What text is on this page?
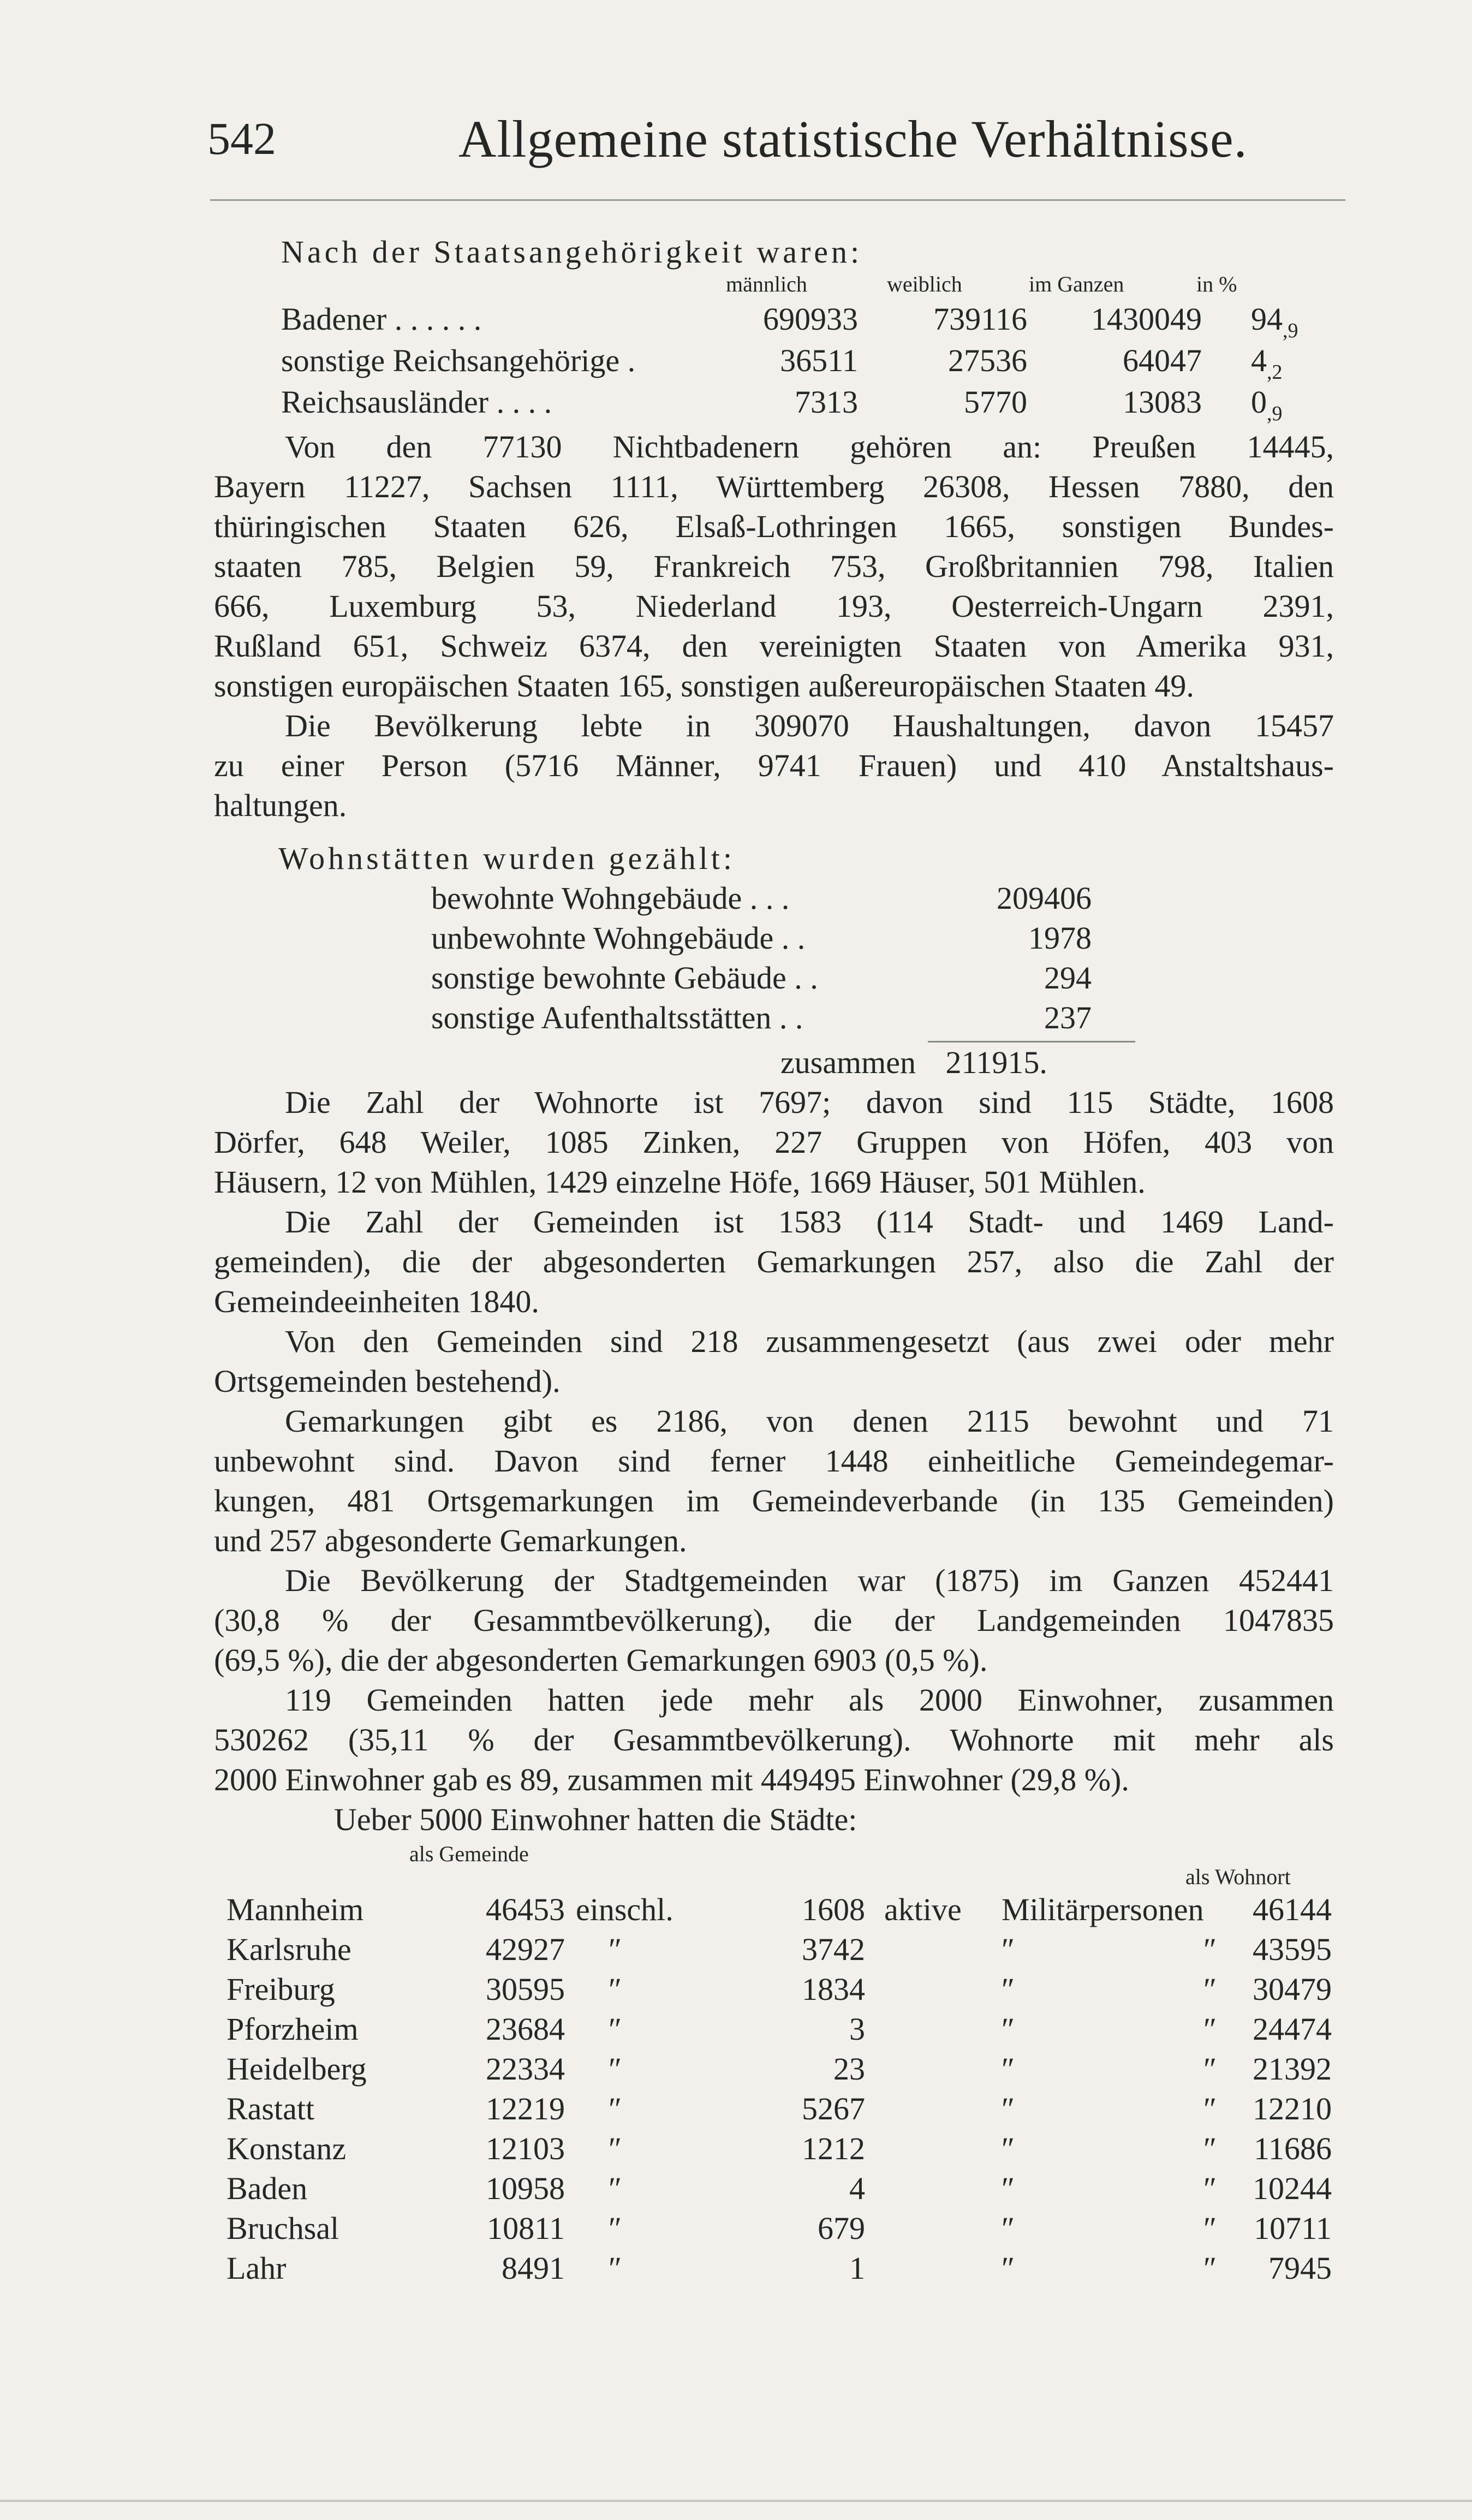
542	Allgemeine statistische Verhältnisse.
Nach der Staatsangehörigkeit waren:
männlich	weiblich	im Ganzen	in %
Badener . . . . . .	690933 739116 1430049 $94_{,9}$
sonstige Reichsangehörige .	36511	27536	64047 $4_{,2}$
Reichsausländer . . . .	7313	5770	13083 $0_{,9}$
Von den 77130 Nichtbadenern gehören an: Preußen 14445,
Bayern 11227, Sachsen 1111, Württemberg 26308, Hessen 7880, den
thüringischen Staaten 626, Elsaß-Lothringen 1665, sonstigen Bundes-
staaten 785, Belgien 59, Frankreich 753, Großbritannien 798, Italien
666, Luxemburg 53, Niederland 193, Oesterreich-Ungarn 2391,
Rußland 651, Schweiz 6374, den vereinigten Staaten von Amerika 931,
sonstigen europäischen Staaten 165, sonstigen außereuropäischen Staaten 49.
Die Bevölkerung lebte in 309070 Haushaltungen, davon 15457
zu einer Person (5716 Männer, 9741 Frauen) und 410 Anstaltshaus-
haltungen.
Wohnstätten wurden gezählt:
bewohnte Wohngebäude . . .	209406
unbewohnte Wohngebäude . .	1978
sonstige bewohnte Gebäude . .	294
sonstige Aufenthaltsstätten . .	237
zusammen 211915.
Die Zahl der Wohnorte ist 7697; davon sind 115 Städte, 1608
Dörfer, 648 Weiler, 1085 Zinken, 227 Gruppen von Höfen, 403 von
Häusern, 12 von Mühlen, 1429 einzelne Höfe, 1669 Häuser, 501 Mühlen.
Die Zahl der Gemeinden ist 1583 (114 Stadt- und 1469 Land-
gemeinden), die der abgesonderten Gemarkungen 257, also die Zahl der
Gemeindeeinheiten 1840.
Von den Gemeinden sind 218 zusammengesetzt (aus zwei oder mehr
Ortsgemeinden bestehend).
Gemarkungen gibt es 2186, von denen 2115 bewohnt und 71
unbewohnt sind. Davon sind ferner 1448 einheitliche Gemeindegemar-
kungen, 481 Ortsgemarkungen im Gemeindeverbande (in 135 Gemeinden)
und 257 abgesonderte Gemarkungen.
Die Bevölkerung der Stadtgemeinden war (1875) im Ganzen 452441
(30,8 % der Gesammtbevölkerung), die der Landgemeinden 1047835
(69,5 %), die der abgesonderten Gemarkungen 6903 (0,5 %).
119 Gemeinden hatten jede mehr als 2000 Einwohner, zusammen
530262 (35,11 % der Gesammtbevölkerung). Wohnorte mit mehr als
2000 Einwohner gab es 89, zusammen mit 449495 Einwohner (29,8 %).
Ueber 5000 Einwohner hatten die Städte:
als Gemeinde
als Wohnort
Mannheim	46453 einschl.	1608 aktive Militärpersonen 46144
Karlsruhe	42927 ″	3742	″	″ 43595
Freiburg	30595 ″	1834	″	″ 30479
Pforzheim	23684 ″	3	″	″ 24474
Heidelberg	22334 ″	23	″	″ 21392
Rastatt	12219 ″	5267	″	″ 12210
Konstanz	12103 ″	1212	″	″ 11686
Baden	10958 ″	4	″	″ 10244
Bruchsal	10811 ″	679	″	″ 10711
Lahr	8491 ″	1	″	″ 7945
